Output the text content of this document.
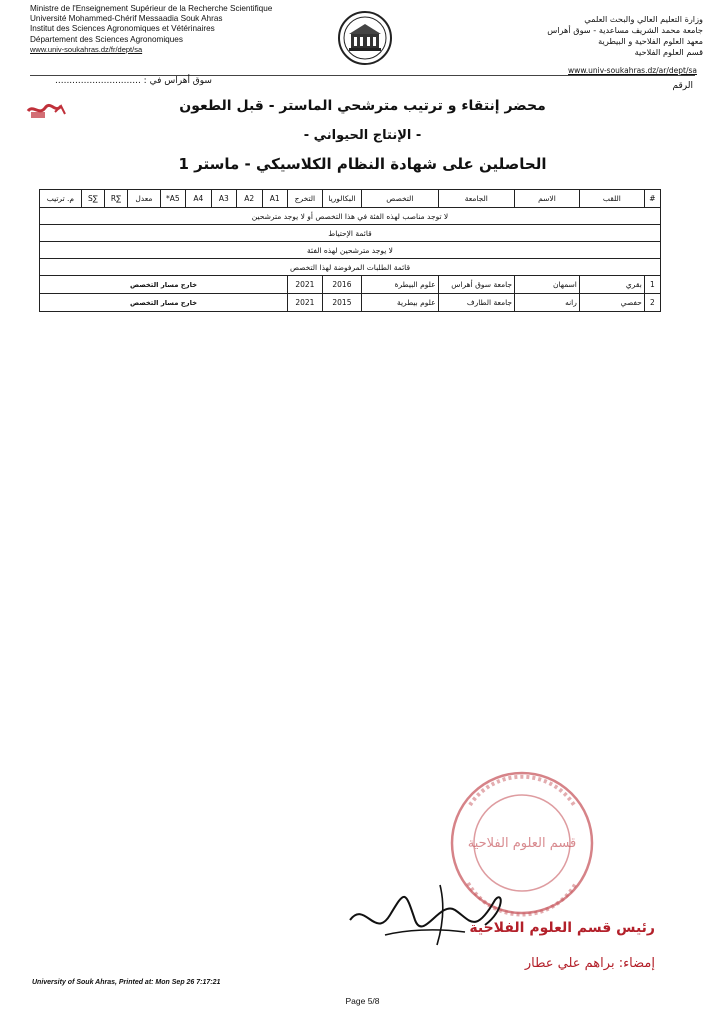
Ministre de l'Enseignement Supérieur de la Recherche Scientifique
Université Mohammed-Chérif Messaadia Souk Ahras
Institut des Sciences Agronomiques et Vétérinaires
Département des Sciences Agronomiques
www.univ-soukahras.dz/fr/dept/sa
وزارة التعليم العالي والبحث العلمي
جامعة محمد الشريف مساعدية - سوق أهراس
معهد العلوم الفلاحية و البيطرية
قسم العلوم الفلاحية
www.univ-soukahras.dz/ar/dept/sa
سوق أهراس في : ..............................	الرقم
محضر إنتقاء و ترتيب مترشحي الماستر - قبل الطعون
- الإنتاج الحيواني -
الحاصلين على شهادة النظام الكلاسيكي - ماستر 1
#	اللقب	الاسم	الجامعة	التخصص	البكالوريا	التخرج	A1	A2	A3	A4	A5*	معدل	∑R	∑S	م. ترتيب
لا توجد مناصب لهذه الفئة في هذا التخصص أو لا يوجد مترشحين															
قائمة الإحتياط															
لا يوجد مترشحين لهذه الفئة															
قائمة الطلبات المرفوضة لهذا التخصص															
1	بقري	اسمهان	جامعة سوق أهراس	علوم البيطرة	2016	2021	خارج مسار التخصص								
2	حفصي	رانه	جامعة الطارف	علوم بيطرية	2015	2021	خارج مسار التخصص								
قسم العلوم الفلاحية
رئيس قسم العلوم الفلاحية
إمضاء: براهم علي عطار
University of Souk Ahras, Printed at: Mon Sep 26 7:17:21
Page 5/8
